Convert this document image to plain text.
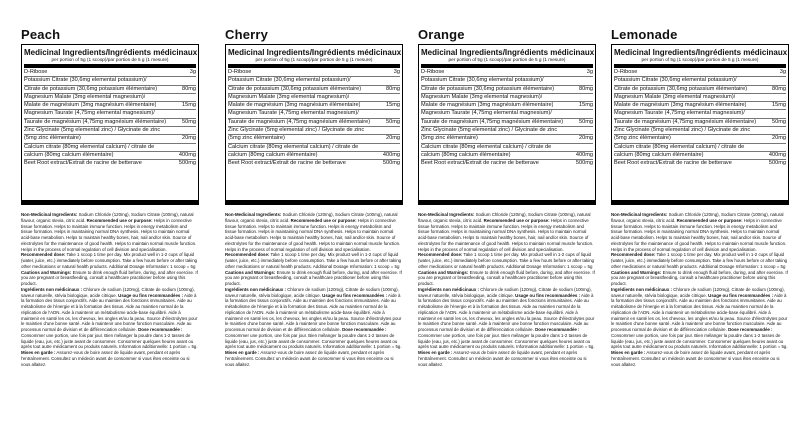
Peach
Medicinal Ingredients/Ingrédients médicinaux
per portion of 5g (1 scoop)/par portion de 5 g (1 mesure)
D-Ribose	3g
Potassium Citrate (30,6mg elemental potassium)/
Citrate de potassium (30,6mg potassium élémentaire)	80mg
Magnesium Malate (3mg elemental magnesium)/
Malate de magnésium (3mg magnésium élémentaire)	15mg
Magnesium Taurate (4,75mg elemental magnesium)/
Taurate de magnésium (4,75mg magnésium élémentaire)	50mg
Zinc Glycinate (5mg elemental zinc) / Glycinate de zinc
(5mg zinc élémentaire)	20mg
Calcium citrate (80mg elemental calcium) / citrate de
calcium (80mg calcium élémentaire)	400mg
Beet Root extract/Extrait de racine de betterave	500mg
Non-Medicinal Ingredients: Sodium Chloride (120mg), Sodium Citrate (100mg), natural flavour, organic stevia, citric acid. Recommended use or purpose: Helps in connective tissue formation. Helps to maintain immune function. Helps in energy metabolism and tissue formation. Helps in maintaining normal DNA synthesis. Helps to maintain normal acid-base metabolism. Helps to maintain healthy bones, hair, nail and/or skin. Source of electrolytes for the maintenance of good health. Helps to maintain normal muscle function. Helps in the process of normal regulation of cell division and specialisation.
Recommended dose: Take 1 scoop 1 time per day. Mix product well in 1-2 cups of liquid (water, juice, etc.) immediately before consumption. Take a few hours before or after taking other medications or natural health products. Additional Dosage Information: 1 scoop = 5g
Cautions and Warnings: Ensure to drink enough fluid before, during, and after exercise. If you are pregnant or breastfeeding, consult a healthcare practitioner before using this product.
Ingrédients non médicinaux : Chlorure de sodium (120mg), Citrate de sodium (100mg), saveur naturelle, stévia biologique, acide citrique. Usage ou fins recommandées : Aide à la formation des tissus conjonctifs. Aide au maintien des fonctions immunitaires. Aide au métabolisme de l'énergie et à la formation des tissus. Aide au maintien normal de la réplication de l'ADN. Aide à maintenir un métabolisme acide-base équilibré. Aide à maintenir en santé les os, les cheveux, les ongles et/ou la peau. Source d'électrolytes pour le maintien d'une bonne santé. Aide à maintenir une bonne fonction musculaire. Aide au processus normal de division et de différenciation cellulaire. Dose recommandée : Consommer une portion, une fois par jour. Bien mélanger la poudre dans 1-2 tasses de liquide (eau, jus, etc.) juste avant de consommer. Consommer quelques heures avant ou après tout autre médicament ou produits naturels. Information additionnelle: 1 portion = 5g. Mises en garde : Assurez-vous de boire assez de liquide avant, pendant et après l'entraînement. Consultez un médecin avant de consommer si vous êtes enceinte ou si vous allaitez.
Cherry
Medicinal Ingredients/Ingrédients médicinaux
per portion of 5g (1 scoop)/par portion de 5 g (1 mesure)
D-Ribose	3g
Potassium Citrate (30,6mg elemental potassium)/
Citrate de potassium (30,6mg potassium élémentaire)	80mg
Magnesium Malate (3mg elemental magnesium)/
Malate de magnésium (3mg magnésium élémentaire)	15mg
Magnesium Taurate (4,75mg elemental magnesium)/
Taurate de magnésium (4,75mg magnésium élémentaire)	50mg
Zinc Glycinate (5mg elemental zinc) / Glycinate de zinc
(5mg zinc élémentaire)	20mg
Calcium citrate (80mg elemental calcium) / citrate de
calcium (80mg calcium élémentaire)	400mg
Beet Root extract/Extrait de racine de betterave	500mg
Non-Medicinal Ingredients: Sodium Chloride (120mg), Sodium Citrate (100mg), natural flavour, organic stevia, citric acid. Recommended use or purpose: Helps in connective tissue formation. Helps to maintain immune function. Helps in energy metabolism and tissue formation. Helps in maintaining normal DNA synthesis. Helps to maintain normal acid-base metabolism. Helps to maintain healthy bones, hair, nail and/or skin. Source of electrolytes for the maintenance of good health. Helps to maintain normal muscle function. Helps in the process of normal regulation of cell division and specialisation.
Recommended dose: Take 1 scoop 1 time per day. Mix product well in 1-2 cups of liquid (water, juice, etc.) immediately before consumption. Take a few hours before or after taking other medications or natural health products. Additional Dosage Information: 1 scoop = 5g
Cautions and Warnings: Ensure to drink enough fluid before, during, and after exercise. If you are pregnant or breastfeeding, consult a healthcare practitioner before using this product.
Ingrédients non médicinaux : Chlorure de sodium (120mg), Citrate de sodium (100mg), saveur naturelle, stévia biologique, acide citrique. Usage ou fins recommandées : Aide à la formation des tissus conjonctifs. Aide au maintien des fonctions immunitaires. Aide au métabolisme de l'énergie et à la formation des tissus. Aide au maintien normal de la réplication de l'ADN. Aide à maintenir un métabolisme acide-base équilibré. Aide à maintenir en santé les os, les cheveux, les ongles et/ou la peau. Source d'électrolytes pour le maintien d'une bonne santé. Aide à maintenir une bonne fonction musculaire. Aide au processus normal de division et de différenciation cellulaire. Dose recommandée : Consommer une portion, une fois par jour. Bien mélanger la poudre dans 1-2 tasses de liquide (eau, jus, etc.) juste avant de consommer. Consommer quelques heures avant ou après tout autre médicament ou produits naturels. Information additionnelle: 1 portion = 5g. Mises en garde : Assurez-vous de boire assez de liquide avant, pendant et après l'entraînement. Consultez un médecin avant de consommer si vous êtes enceinte ou si vous allaitez.
Orange
Medicinal Ingredients/Ingrédients médicinaux
per portion of 5g (1 scoop)/par portion de 5 g (1 mesure)
D-Ribose	3g
Potassium Citrate (30,6mg elemental potassium)/
Citrate de potassium (30,6mg potassium élémentaire)	80mg
Magnesium Malate (3mg elemental magnesium)/
Malate de magnésium (3mg magnésium élémentaire)	15mg
Magnesium Taurate (4,75mg elemental magnesium)/
Taurate de magnésium (4,75mg magnésium élémentaire)	50mg
Zinc Glycinate (5mg elemental zinc) / Glycinate de zinc
(5mg zinc élémentaire)	20mg
Calcium citrate (80mg elemental calcium) / citrate de
calcium (80mg calcium élémentaire)	400mg
Beet Root extract/Extrait de racine de betterave	500mg
Non-Medicinal Ingredients: Sodium Chloride (120mg), Sodium Citrate (100mg), natural flavour, organic stevia, citric acid. Recommended use or purpose: Helps in connective tissue formation. Helps to maintain immune function. Helps in energy metabolism and tissue formation. Helps in maintaining normal DNA synthesis. Helps to maintain normal acid-base metabolism. Helps to maintain healthy bones, hair, nail and/or skin. Source of electrolytes for the maintenance of good health. Helps to maintain normal muscle function. Helps in the process of normal regulation of cell division and specialisation.
Recommended dose: Take 1 scoop 1 time per day. Mix product well in 1-2 cups of liquid (water, juice, etc.) immediately before consumption. Take a few hours before or after taking other medications or natural health products. Additional Dosage Information: 1 scoop = 5g
Cautions and Warnings: Ensure to drink enough fluid before, during, and after exercise. If you are pregnant or breastfeeding, consult a healthcare practitioner before using this product.
Ingrédients non médicinaux : Chlorure de sodium (120mg), Citrate de sodium (100mg), saveur naturelle, stévia biologique, acide citrique. Usage ou fins recommandées : Aide à la formation des tissus conjonctifs. Aide au maintien des fonctions immunitaires. Aide au métabolisme de l'énergie et à la formation des tissus. Aide au maintien normal de la réplication de l'ADN. Aide à maintenir un métabolisme acide-base équilibré. Aide à maintenir en santé les os, les cheveux, les ongles et/ou la peau. Source d'électrolytes pour le maintien d'une bonne santé. Aide à maintenir une bonne fonction musculaire. Aide au processus normal de division et de différenciation cellulaire. Dose recommandée : Consommer une portion, une fois par jour. Bien mélanger la poudre dans 1-2 tasses de liquide (eau, jus, etc.) juste avant de consommer. Consommer quelques heures avant ou après tout autre médicament ou produits naturels. Information additionnelle: 1 portion = 5g. Mises en garde : Assurez-vous de boire assez de liquide avant, pendant et après l'entraînement. Consultez un médecin avant de consommer si vous êtes enceinte ou si vous allaitez.
Lemonade
Medicinal Ingredients/Ingrédients médicinaux
per portion of 5g (1 scoop)/par portion de 5 g (1 mesure)
D-Ribose	3g
Potassium Citrate (30,6mg elemental potassium)/
Citrate de potassium (30,6mg potassium élémentaire)	80mg
Magnesium Malate (3mg elemental magnesium)/
Malate de magnésium (3mg magnésium élémentaire)	15mg
Magnesium Taurate (4,75mg elemental magnesium)/
Taurate de magnésium (4,75mg magnésium élémentaire)	50mg
Zinc Glycinate (5mg elemental zinc) / Glycinate de zinc
(5mg zinc élémentaire)	20mg
Calcium citrate (80mg elemental calcium) / citrate de
calcium (80mg calcium élémentaire)	400mg
Beet Root extract/Extrait de racine de betterave	500mg
Non-Medicinal Ingredients: Sodium Chloride (120mg), Sodium Citrate (100mg), natural flavour, organic stevia, citric acid. Recommended use or purpose: Helps in connective tissue formation. Helps to maintain immune function. Helps in energy metabolism and tissue formation. Helps in maintaining normal DNA synthesis. Helps to maintain normal acid-base metabolism. Helps to maintain healthy bones, hair, nail and/or skin. Source of electrolytes for the maintenance of good health. Helps to maintain normal muscle function. Helps in the process of normal regulation of cell division and specialisation.
Recommended dose: Take 1 scoop 1 time per day. Mix product well in 1-2 cups of liquid (water, juice, etc.) immediately before consumption. Take a few hours before or after taking other medications or natural health products. Additional Dosage Information: 1 scoop = 5g
Cautions and Warnings: Ensure to drink enough fluid before, during, and after exercise. If you are pregnant or breastfeeding, consult a healthcare practitioner before using this product.
Ingrédients non médicinaux : Chlorure de sodium (120mg), Citrate de sodium (100mg), saveur naturelle, stévia biologique, acide citrique. Usage ou fins recommandées : Aide à la formation des tissus conjonctifs. Aide au maintien des fonctions immunitaires. Aide au métabolisme de l'énergie et à la formation des tissus. Aide au maintien normal de la réplication de l'ADN. Aide à maintenir un métabolisme acide-base équilibré. Aide à maintenir en santé les os, les cheveux, les ongles et/ou la peau. Source d'électrolytes pour le maintien d'une bonne santé. Aide à maintenir une bonne fonction musculaire. Aide au processus normal de division et de différenciation cellulaire. Dose recommandée : Consommer une portion, une fois par jour. Bien mélanger la poudre dans 1-2 tasses de liquide (eau, jus, etc.) juste avant de consommer. Consommer quelques heures avant ou après tout autre médicament ou produits naturels. Information additionnelle: 1 portion = 5g. Mises en garde : Assurez-vous de boire assez de liquide avant, pendant et après l'entraînement. Consultez un médecin avant de consommer si vous êtes enceinte ou si vous allaitez.
